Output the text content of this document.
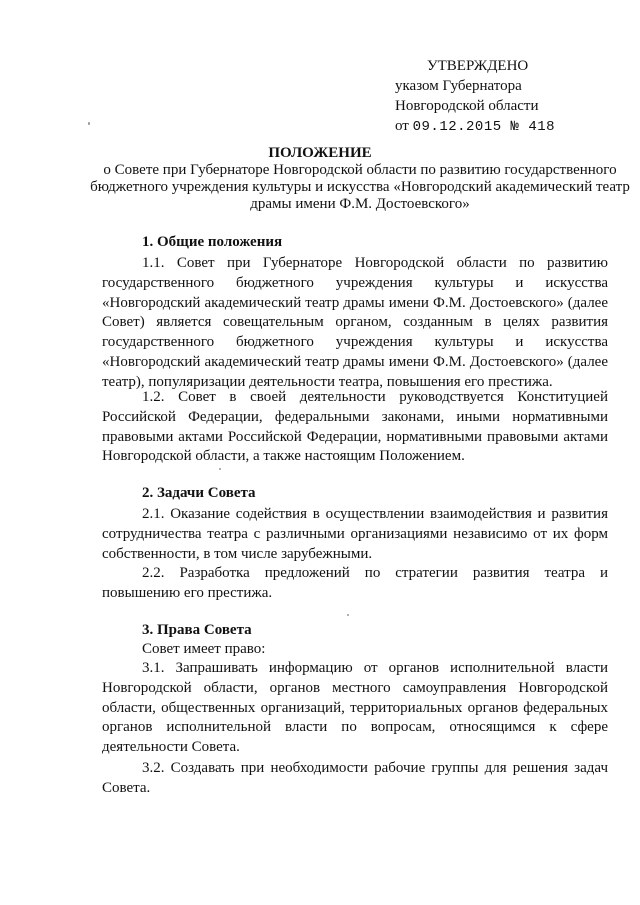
УТВЕРЖДЕНО
указом Губернатора
Новгородской области
от 09.12.2015 № 418
ПОЛОЖЕНИЕ
о Совете при Губернаторе Новгородской области по развитию государственного бюджетного учреждения культуры и искусства «Новгородский академический театр драмы имени Ф.М. Достоевского»
1. Общие положения

1.1. Совет при Губернаторе Новгородской области по развитию государственного бюджетного учреждения культуры и искусства «Новгородский академический театр драмы имени Ф.М. Достоевского» (далее Совет) является совещательным органом, созданным в целях развития государственного бюджетного учреждения культуры и искусства «Новгородский академический театр драмы имени Ф.М. Достоевского» (далее театр), популяризации деятельности театра, повышения его престижа.

1.2. Совет в своей деятельности руководствуется Конституцией Российской Федерации, федеральными законами, иными нормативными правовыми актами Российской Федерации, нормативными правовыми актами Новгородской области, а также настоящим Положением.

2. Задачи Совета

2.1. Оказание содействия в осуществлении взаимодействия и развития сотрудничества театра с различными организациями независимо от их форм собственности, в том числе зарубежными.

2.2. Разработка предложений по стратегии развития театра и повышению его престижа.

3. Права Совета

Совет имеет право:

3.1. Запрашивать информацию от органов исполнительной власти Новгородской области, органов местного самоуправления Новгородской области, общественных организаций, территориальных органов федеральных органов исполнительной власти по вопросам, относящимся к сфере деятельности Совета.

3.2. Создавать при необходимости рабочие группы для решения задач Совета.
